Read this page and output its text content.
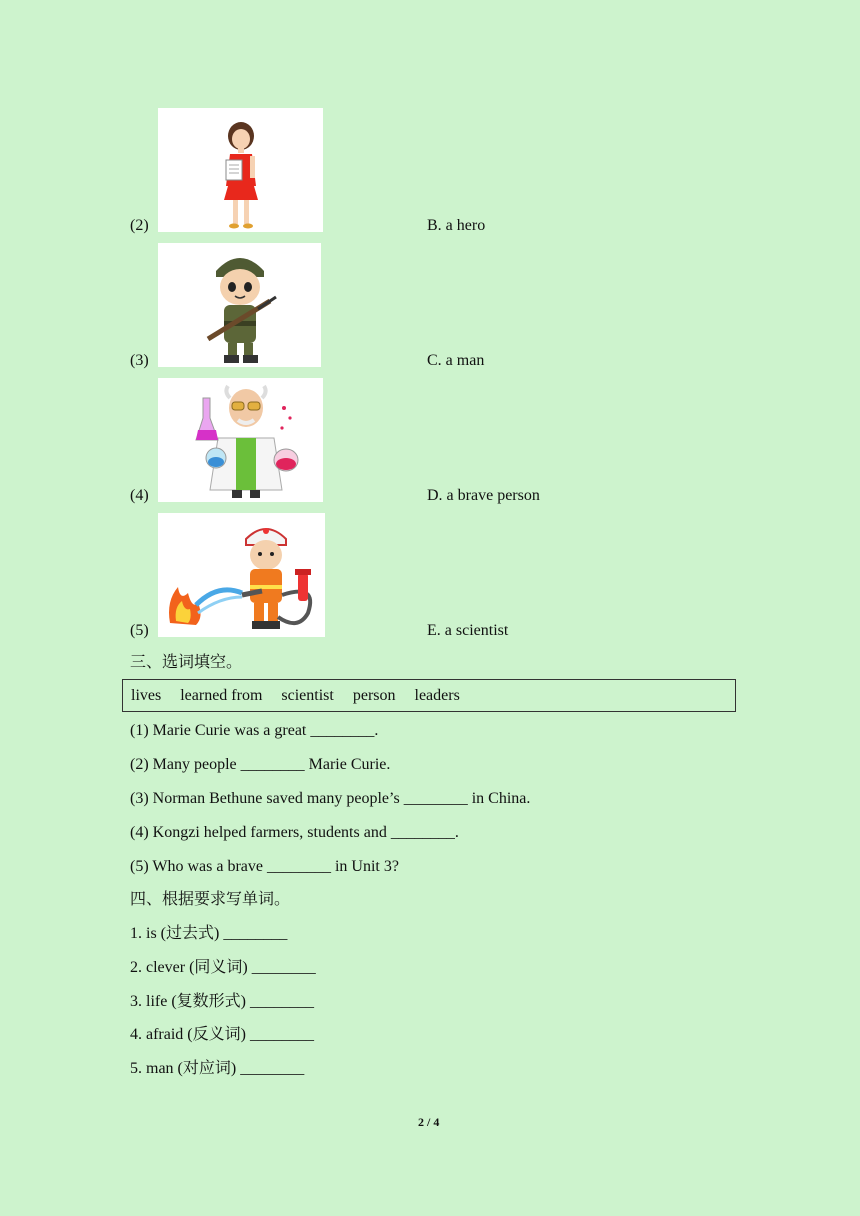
(2)	B. a hero
(3)	C. a man
(4)	D. a brave person
(5)	E. a scientist
三、选词填空。
lives learned from scientist person leaders
(1) Marie Curie was a great ________.
(2) Many people ________ Marie Curie.
(3) Norman Bethune saved many people’s ________ in China.
(4) Kongzi helped farmers, students and ________.
(5) Who was a brave ________ in Unit 3?
四、根据要求写单词。
1. is (过去式) ________
2. clever (同义词) ________
3. life (复数形式) ________
4. afraid (反义词) ________
5. man (对应词) ________
2 / 4
